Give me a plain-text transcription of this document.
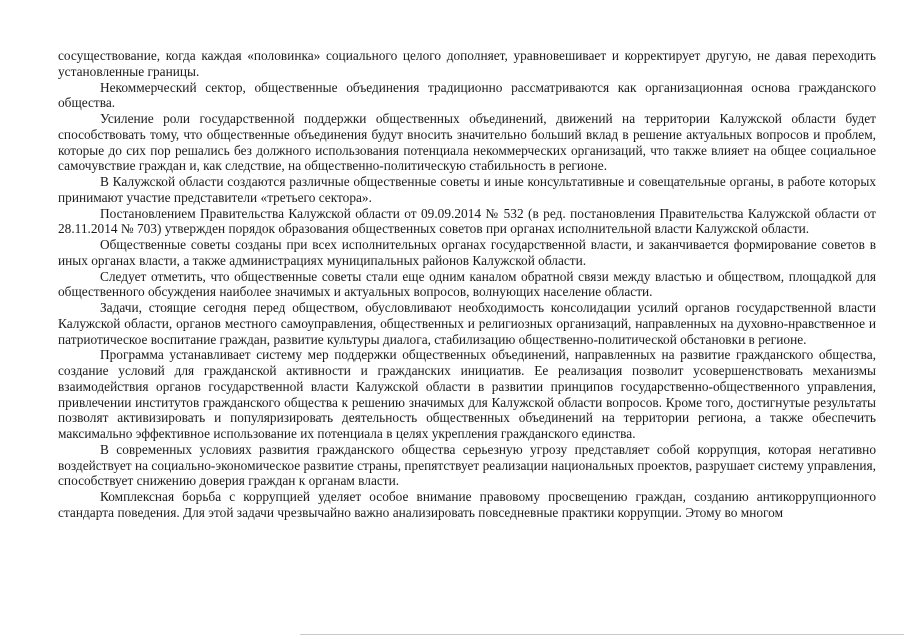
сосуществование, когда каждая «половинка» социального целого дополняет, уравновешивает и корректирует другую, не давая переходить установленные границы.

Некоммерческий сектор, общественные объединения традиционно рассматриваются как организационная основа гражданского общества.

Усиление роли государственной поддержки общественных объединений, движений на территории Калужской области будет способствовать тому, что общественные объединения будут вносить значительно больший вклад в решение актуальных вопросов и проблем, которые до сих пор решались без должного использования потенциала некоммерческих организаций, что также влияет на общее социальное самочувствие граждан и, как следствие, на общественно-политическую стабильность в регионе.

В Калужской области создаются различные общественные советы и иные консультативные и совещательные органы, в работе которых принимают участие представители «третьего сектора».

Постановлением Правительства Калужской области от 09.09.2014 № 532 (в ред. постановления Правительства Калужской области от 28.11.2014 № 703) утвержден порядок образования общественных советов при органах исполнительной власти Калужской области.

Общественные советы созданы при всех исполнительных органах государственной власти, и заканчивается формирование советов в иных органах власти, а также администрациях муниципальных районов Калужской области.

Следует отметить, что общественные советы стали еще одним каналом обратной связи между властью и обществом, площадкой для общественного обсуждения наиболее значимых и актуальных вопросов, волнующих население области.

Задачи, стоящие сегодня перед обществом, обусловливают необходимость консолидации усилий органов государственной власти Калужской области, органов местного самоуправления, общественных и религиозных организаций, направленных на духовно-нравственное и патриотическое воспитание граждан, развитие культуры диалога, стабилизацию общественно-политической обстановки в регионе.

Программа устанавливает систему мер поддержки общественных объединений, направленных на развитие гражданского общества, создание условий для гражданской активности и гражданских инициатив. Ее реализация позволит усовершенствовать механизмы взаимодействия органов государственной власти Калужской области в развитии принципов государственно-общественного управления, привлечении институтов гражданского общества к решению значимых для Калужской области вопросов. Кроме того, достигнутые результаты позволят активизировать и популяризировать деятельность общественных объединений на территории региона, а также обеспечить максимально эффективное использование их потенциала в целях укрепления гражданского единства.

В современных условиях развития гражданского общества серьезную угрозу представляет собой коррупция, которая негативно воздействует на социально-экономическое развитие страны, препятствует реализации национальных проектов, разрушает систему управления, способствует снижению доверия граждан к органам власти.

Комплексная борьба с коррупцией уделяет особое внимание правовому просвещению граждан, созданию антикоррупционного стандарта поведения. Для этой задачи чрезвычайно важно анализировать повседневные практики коррупции. Этому во многом
